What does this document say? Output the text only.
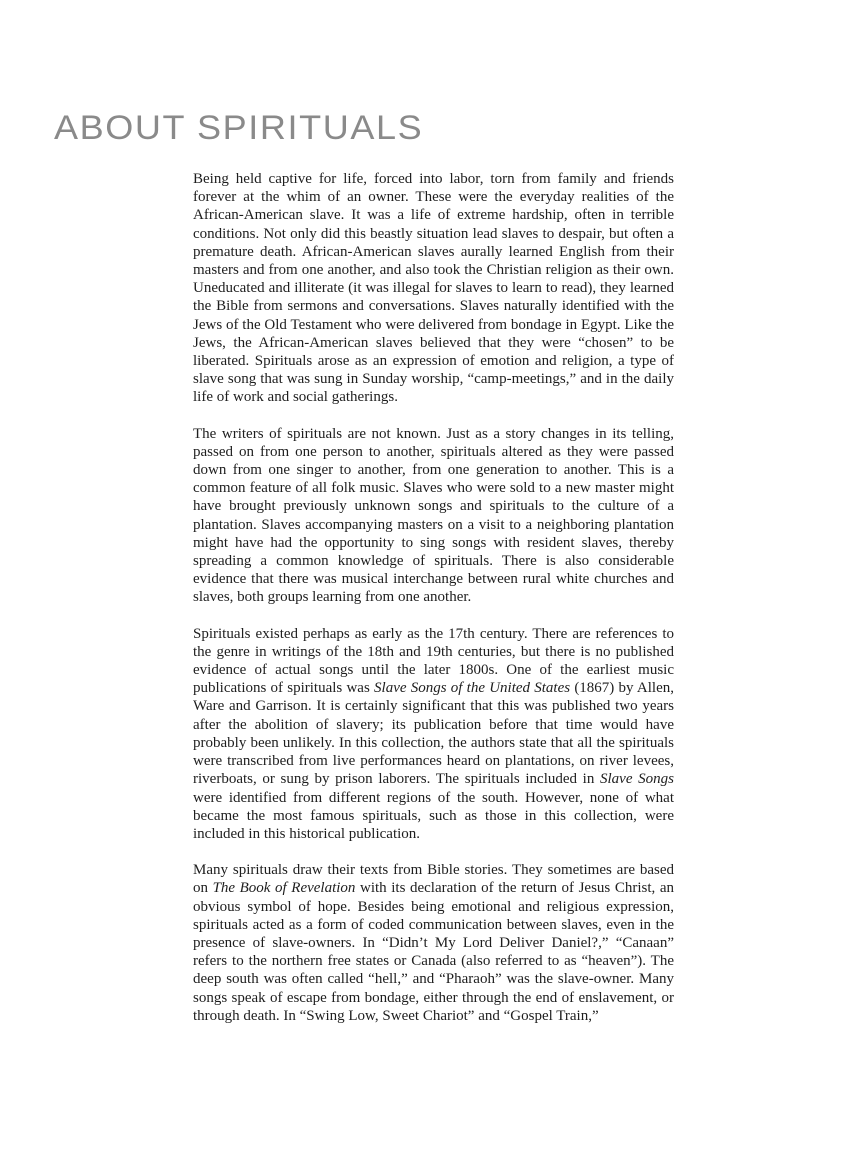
ABOUT SPIRITUALS

Being held captive for life, forced into labor, torn from family and friends forever at the whim of an owner. These were the everyday realities of the African-American slave. It was a life of extreme hardship, often in terrible conditions. Not only did this beastly situation lead slaves to despair, but often a premature death. African-American slaves aurally learned English from their masters and from one another, and also took the Christian religion as their own. Uneducated and illiterate (it was illegal for slaves to learn to read), they learned the Bible from sermons and conversations. Slaves naturally identified with the Jews of the Old Testament who were delivered from bondage in Egypt. Like the Jews, the African-American slaves believed that they were “chosen” to be liberated. Spirituals arose as an expression of emotion and religion, a type of slave song that was sung in Sunday worship, “camp-meetings,” and in the daily life of work and social gatherings.

The writers of spirituals are not known. Just as a story changes in its telling, passed on from one person to another, spirituals altered as they were passed down from one singer to another, from one generation to another. This is a common feature of all folk music. Slaves who were sold to a new master might have brought previously unknown songs and spirituals to the culture of a plantation. Slaves accompanying masters on a visit to a neighboring plantation might have had the opportunity to sing songs with resident slaves, thereby spreading a common knowledge of spirituals. There is also considerable evidence that there was musical interchange between rural white churches and slaves, both groups learning from one another.

Spirituals existed perhaps as early as the 17th century. There are references to the genre in writings of the 18th and 19th centuries, but there is no published evidence of actual songs until the later 1800s. One of the earliest music publications of spirituals was Slave Songs of the United States (1867) by Allen, Ware and Garrison. It is certainly significant that this was published two years after the abolition of slavery; its publication before that time would have probably been unlikely. In this collection, the authors state that all the spirituals were transcribed from live performances heard on plantations, on river levees, riverboats, or sung by prison laborers. The spirituals included in Slave Songs were identified from different regions of the south. However, none of what became the most famous spirituals, such as those in this collection, were included in this historical publication.

Many spirituals draw their texts from Bible stories. They sometimes are based on The Book of Revelation with its declaration of the return of Jesus Christ, an obvious symbol of hope. Besides being emotional and religious expression, spirituals acted as a form of coded communication between slaves, even in the presence of slave-owners. In “Didn’t My Lord Deliver Daniel?,” “Canaan” refers to the northern free states or Canada (also referred to as “heaven”). The deep south was often called “hell,” and “Pharaoh” was the slave-owner. Many songs speak of escape from bondage, either through the end of enslavement, or through death. In “Swing Low, Sweet Chariot” and “Gospel Train,”
